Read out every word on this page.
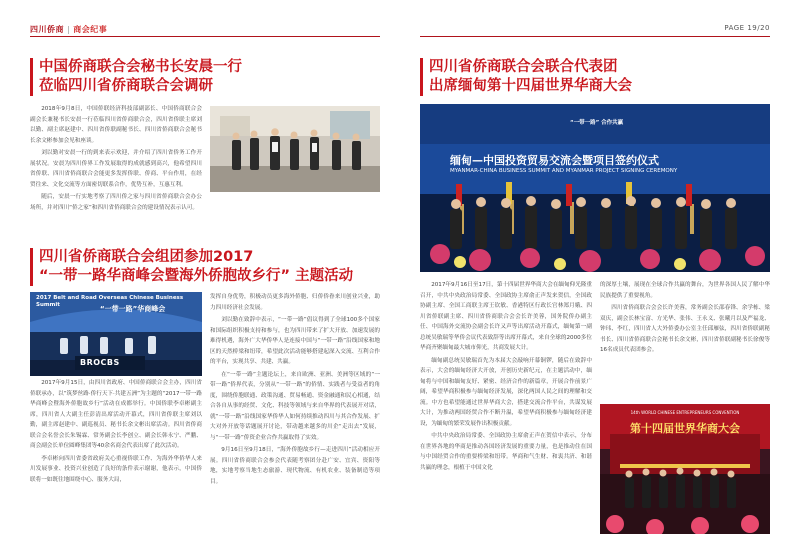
四川侨商 | 商会纪事	PAGE 19/20
中国侨商联合会秘书长安晨一行
莅临四川省侨商联合会调研

2018年9月8日，中国侨联经济科技部副部长、中国侨商联合会副会长兼秘书长安晨一行莅临四川省侨商联合会，四川省侨联主席刘以勤、副主席赵建中、四川省侨联副秘书长、四川省侨商联合会秘书长余文彬参加会见和座谈。

刘以勤对安晨一行的到来表示欢迎，并介绍了四川省侨务工作开展状况。安晨为四川侨界工作发展取得的成就感到高兴，他希望四川省侨联、四川省侨商联合会能更多发挥侨联、侨商、平台作用，在经贸往来、文化交流等方面密切联系合作，优势互补，互惠互利。

随后，安晨一行实地考察了四川侨之家与四川省侨商联合会办公场所，并对四川“侨之家”和四川省侨商联合会的建设情况表示认可。

四川省侨商联合会组团参加2017
“一带一路华商峰会暨海外侨胞故乡行” 主题活动
2017 Belt and Road Overseas Chinese Business Summit	“一带一路”华商峰会
BROCBS

2017年9月15日，由四川省政府、中国侨商联合会主办，四川省侨联承办，以“筑梦丝路·侨行天下·共建五洲”为主题的“2017一带一路华商峰会暨海外侨胞故乡行”活动在成都举行。中国侨联李卓彬副主席，四川省人大副主任彭清出席活动开幕式，四川省侨联主席刘以勤，副主席赵建中、副巡视员、秘书长余文彬出席活动。四川省侨商联合会名誉会长朱锡霖、常务副会长李创立、副会长韩永宁、严鹏、商会副会长单位圆峰集团等40余名商会代表出席了此次活动。

李卓彬向四川省委省政府关心重视侨联工作、为海外华侨华人来川发展事业、投资兴业创造了良好的条件表示谢谢，他表示，中国侨联将一如既往地围绕中心、服务大局，

发挥自身优势，积极动员更多海外侨胞、归侨侨眷来川创业兴业，助力四川经济社会发展。

刘以勤在致辞中表示，“一带一路”倡议得到了全球100多个国家和国际组织积极支持和参与，也为四川带来了扩大开放、加速发展的难得机遇，海外广大华侨华人是连接中国与“一带一路”沿线国家和地区的天然桥梁和纽带，希望此次活动能够搭建起深入交流、互利合作的平台，实现共享、共建、共赢。

在“一带一路”主题论坛上，来自欧洲、亚洲、美洲等区域的“一带一路”侨界代表，分别从“一带一路”的侨情、实践者与受益者的角度，围绕侨胞联通、政策沟通、贸易畅通、资金融通和民心相通，结合各自从事的经贸、文化、科技等领域与来自华界的代表展开对话，就“一带一路”沿线国家华侨华人如何持续推动四川与其合作发展、扩大对外开放等话题展开讨论，带动越来越多的川企“走出去”发展，与“一带一路”侨资企业合作共赢取得了实效。

9月16日至9月18日，“海外侨胞故乡行—走进四川”活动相应开展。四川省侨商联合会参会代表随考察团分赴广安、宜宾、资阳等地，实地考察当地生态旅游、现代物流、有机农业、装备制造等项目。

四川省侨商联合会联合代表团
出席缅甸第十四届世界华商大会
“一带一路” 合作共赢
缅甸—中国投资贸易交流会暨项目签约仪式
MYANMAR-CHINA BUSINESS SUMMIT AND MYANMAR PROJECT SIGNING CEREMONY

2017年9月16日至17日，第十四届世界华商大会在缅甸仰光隆重召开，中共中央政治局常委、全国政协主席俞正声发来贺信，全国政协副主席、全国工商联主席王钦敏、香港特区行政长官林郑月娥、四川省侨联副主席、四川省侨商联合会会长许美蓉，国务院侨办副主任、中国海外交流协会副会长许又声等出席活动开幕式，缅甸第一副总统吴敏瑞等华侨会议代表致辞等出席开幕式，来自全球的2000多位华商齐聚缅甸最大城市仰光，共商发展大计。

缅甸副总统吴敏瑞首先为本届大会敲响开幕铜锣，随后在致辞中表示，大会的缅甸经济大开放，开创历史新纪元，在主题活动中，缅甸将与中国和缅甸友好、紧密、经济合作的新篇章，开展合作前景广阔，希望华商积极参与缅甸经济发展，深化两国人民之间的理解和交流。中方也希望能通过世界华商大会，搭建交流合作平台，共谋发展大计，为推动两国经贸合作不断升温，希望华商积极参与缅甸经济建设，为缅甸的繁荣发展作出积极贡献。

中共中央政治局常委、全国政协主席俞正声在贺信中表示，分布在世界各地的华商是推动各国经济发展的重要力量，也是推动住在国与中国经贸合作的重要桥梁和纽带。华商和气生财、和衷共济、和谐共赢的理念，根植于中国文化

的深厚土壤，展现在全球合作共赢的舞台，为世界各国人民了解中华民族提供了重要视角。

四川省侨商联合会会长许美蓉，常务副会长邵春锋、余学栋、梁双庆，副会长林宝富、方光华、张伟、王永义、张曦月以及严福龙、钟玮、李红，四川省人大外侨委办公室主任邱雁弦，四川省侨联副秘书长、四川省侨商联合会秘书长余文彬，四川省侨联副秘书长徐俊等16名成员代表团参会。

14th WORLD CHINESE ENTREPRENEURS CONVENTION
第十四届世界华商大会
